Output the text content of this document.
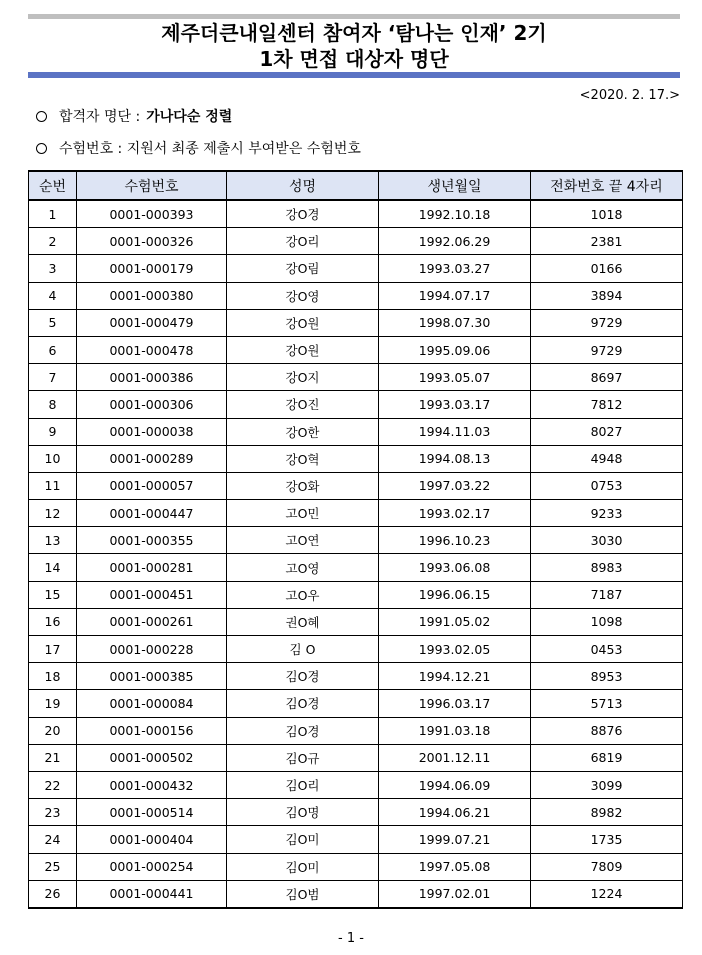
제주더큰내일센터 참여자 ‘탐나는 인재’ 2기
1차 면접 대상자 명단
<2020. 2. 17.>
합격자 명단 : 가나다순 정렬
수험번호 : 지원서 최종 제출시 부여받은 수험번호
순번	수험번호	성명	생년월일	전화번호 끝 4자리
1	0001-000393	강O경	1992.10.18	1018
2	0001-000326	강O리	1992.06.29	2381
3	0001-000179	강O림	1993.03.27	0166
4	0001-000380	강O영	1994.07.17	3894
5	0001-000479	강O원	1998.07.30	9729
6	0001-000478	강O원	1995.09.06	9729
7	0001-000386	강O지	1993.05.07	8697
8	0001-000306	강O진	1993.03.17	7812
9	0001-000038	강O한	1994.11.03	8027
10	0001-000289	강O혁	1994.08.13	4948
11	0001-000057	강O화	1997.03.22	0753
12	0001-000447	고O민	1993.02.17	9233
13	0001-000355	고O연	1996.10.23	3030
14	0001-000281	고O영	1993.06.08	8983
15	0001-000451	고O우	1996.06.15	7187
16	0001-000261	권O혜	1991.05.02	1098
17	0001-000228	김 O	1993.02.05	0453
18	0001-000385	김O경	1994.12.21	8953
19	0001-000084	김O경	1996.03.17	5713
20	0001-000156	김O경	1991.03.18	8876
21	0001-000502	김O규	2001.12.11	6819
22	0001-000432	김O리	1994.06.09	3099
23	0001-000514	김O명	1994.06.21	8982
24	0001-000404	김O미	1999.07.21	1735
25	0001-000254	김O미	1997.05.08	7809
26	0001-000441	김O범	1997.02.01	1224
- 1 -
